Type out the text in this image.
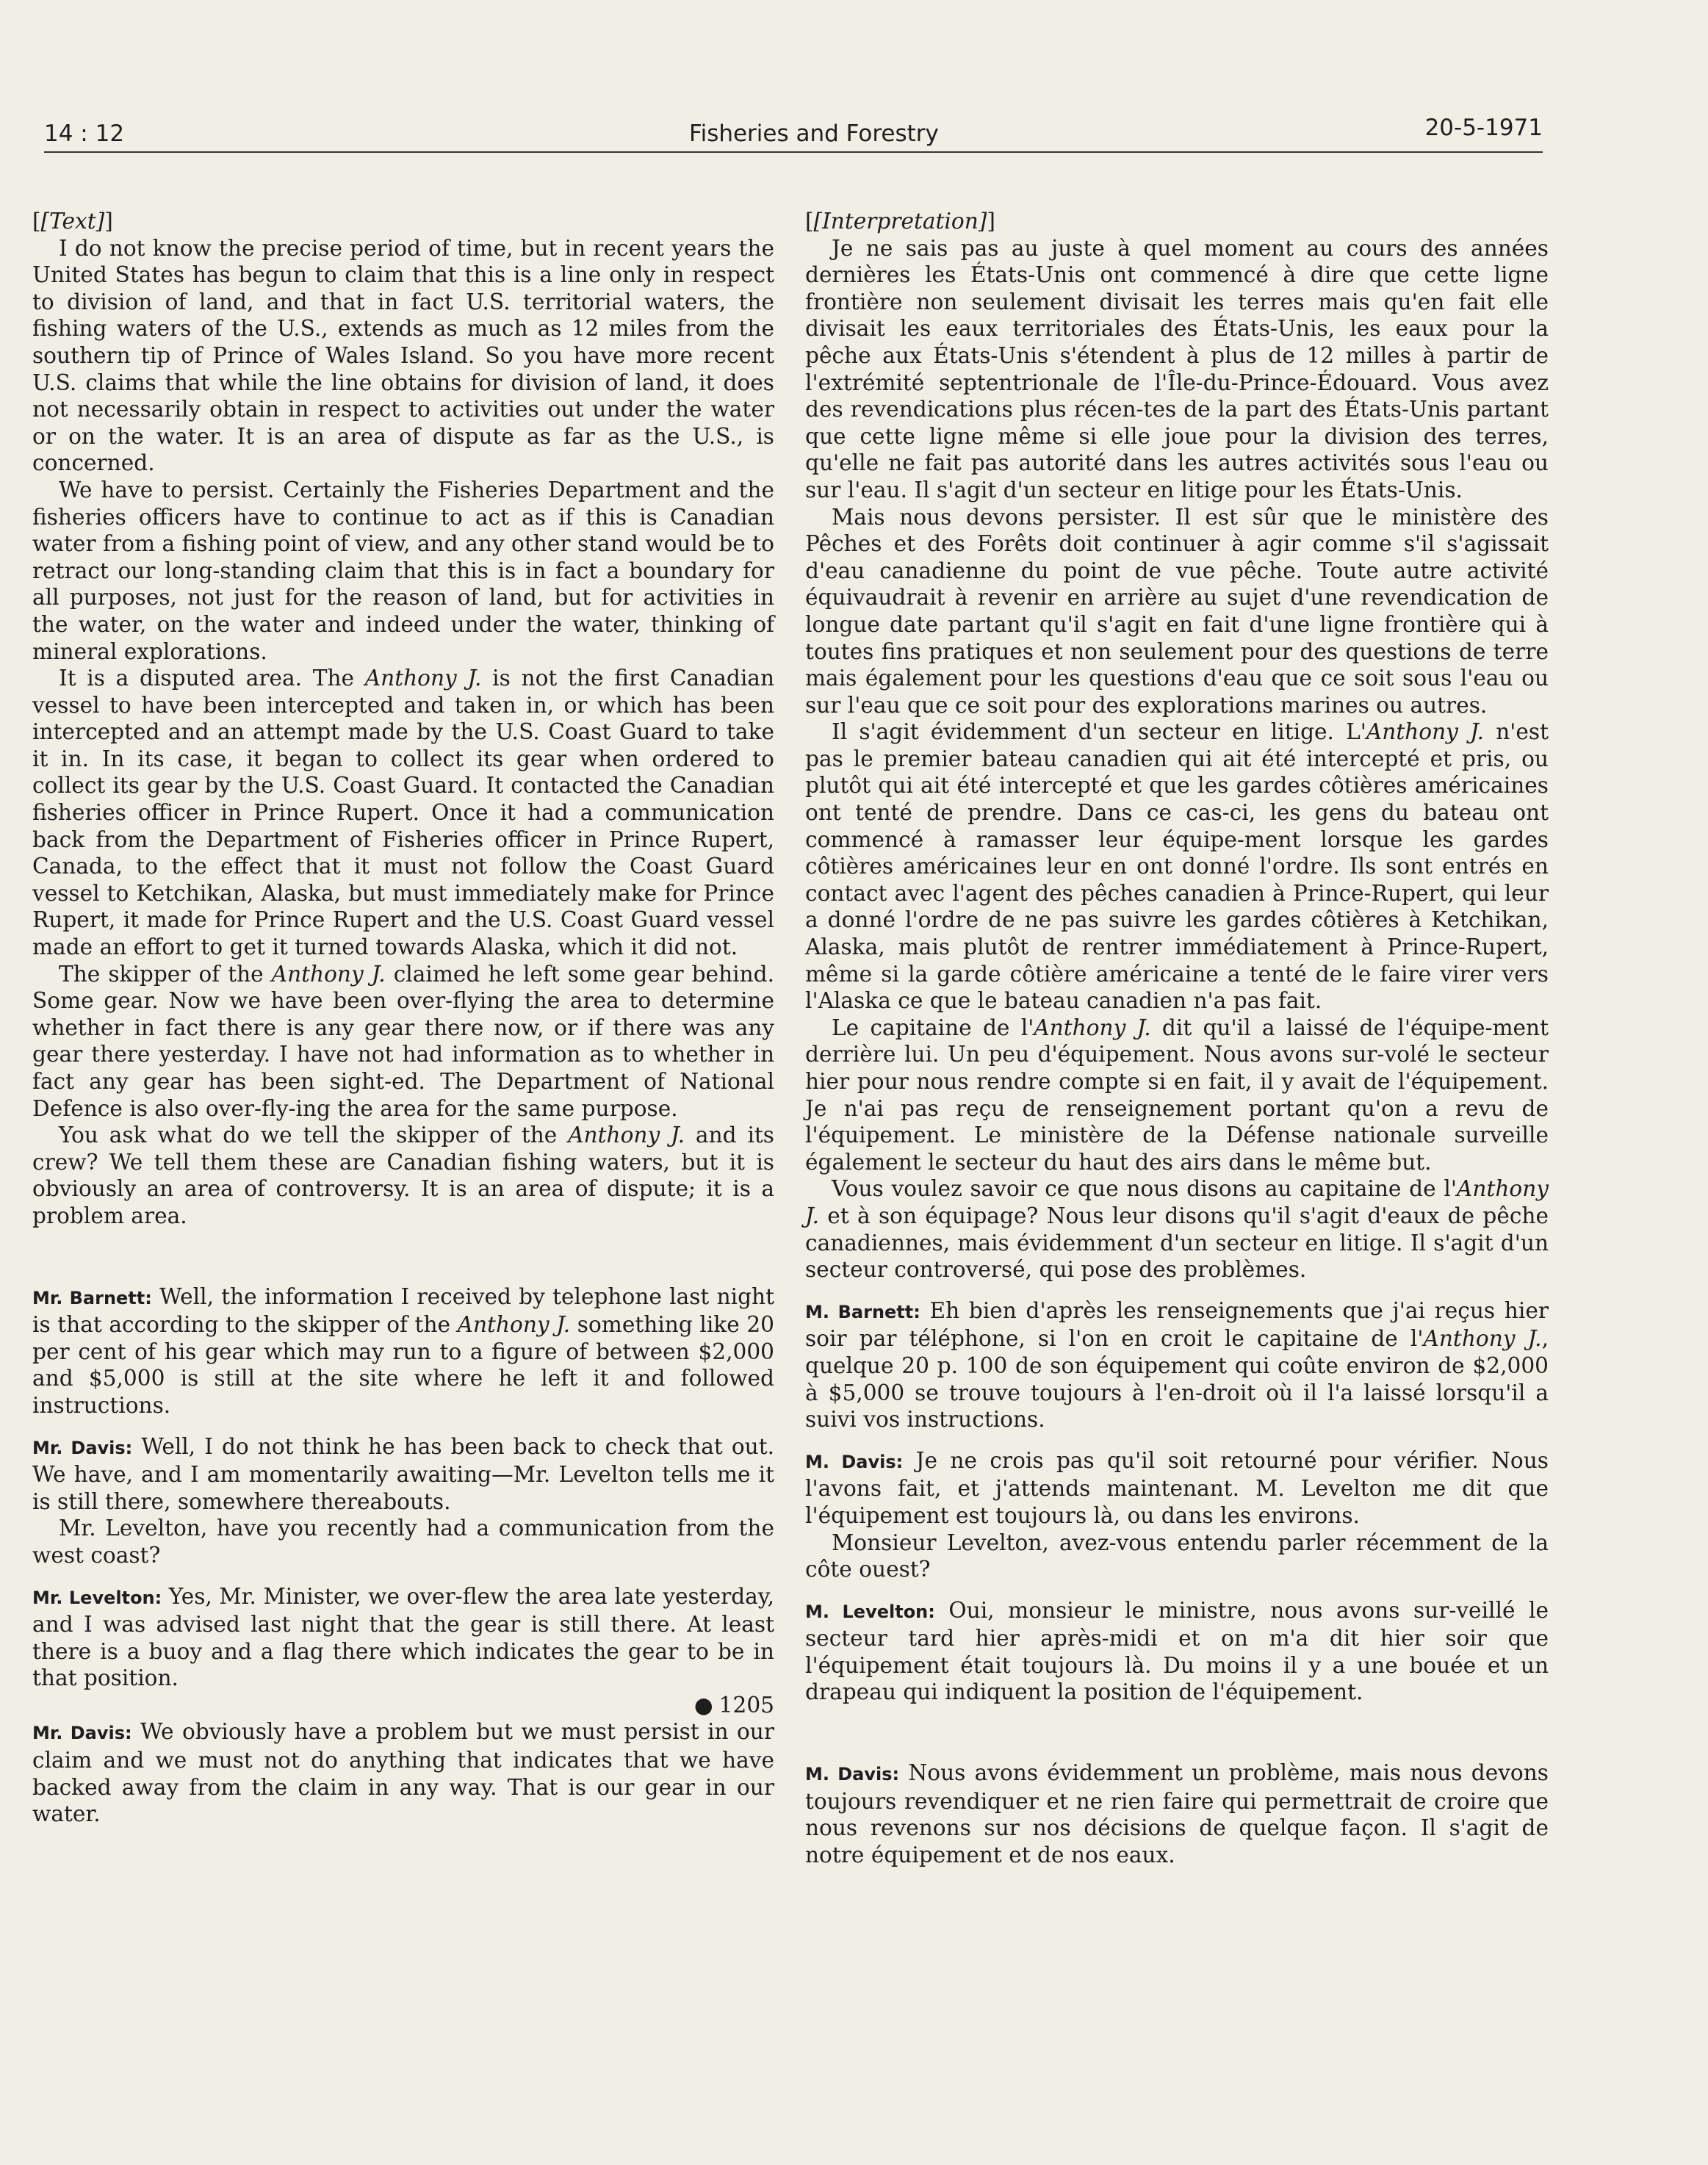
14 : 12	Fisheries and Forestry	20-5-1971

[[Text]]

I do not know the precise period of time, but in recent years the United States has begun to claim that this is a line only in respect to division of land, and that in fact U.S. territorial waters, the fishing waters of the U.S., extends as much as 12 miles from the southern tip of Prince of Wales Island. So you have more recent U.S. claims that while the line obtains for division of land, it does not necessarily obtain in respect to activities out under the water or on the water. It is an area of dispute as far as the U.S., is concerned.

We have to persist. Certainly the Fisheries Department and the fisheries officers have to continue to act as if this is Canadian water from a fishing point of view, and any other stand would be to retract our long-standing claim that this is in fact a boundary for all purposes, not just for the reason of land, but for activities in the water, on the water and indeed under the water, thinking of mineral explorations.

It is a disputed area. The Anthony J. is not the first Canadian vessel to have been intercepted and taken in, or which has been intercepted and an attempt made by the U.S. Coast Guard to take it in. In its case, it began to collect its gear when ordered to collect its gear by the U.S. Coast Guard. It contacted the Canadian fisheries officer in Prince Rupert. Once it had a communication back from the Department of Fisheries officer in Prince Rupert, Canada, to the effect that it must not follow the Coast Guard vessel to Ketchikan, Alaska, but must immediately make for Prince Rupert, it made for Prince Rupert and the U.S. Coast Guard vessel made an effort to get it turned towards Alaska, which it did not.

The skipper of the Anthony J. claimed he left some gear behind. Some gear. Now we have been over-flying the area to determine whether in fact there is any gear there now, or if there was any gear there yesterday. I have not had information as to whether in fact any gear has been sight-ed. The Department of National Defence is also over-fly-ing the area for the same purpose.

You ask what do we tell the skipper of the Anthony J. and its crew? We tell them these are Canadian fishing waters, but it is obviously an area of controversy. It is an area of dispute; it is a problem area.

Mr. Barnett: Well, the information I received by telephone last night is that according to the skipper of the Anthony J. something like 20 per cent of his gear which may run to a figure of between $2,000 and $5,000 is still at the site where he left it and followed instructions.

Mr. Davis: Well, I do not think he has been back to check that out. We have, and I am momentarily awaiting—Mr. Levelton tells me it is still there, somewhere thereabouts.

Mr. Levelton, have you recently had a communication from the west coast?

Mr. Levelton: Yes, Mr. Minister, we over-flew the area late yesterday, and I was advised last night that the gear is still there. At least there is a buoy and a flag there which indicates the gear to be in that position.

● 1205

Mr. Davis: We obviously have a problem but we must persist in our claim and we must not do anything that indicates that we have backed away from the claim in any way. That is our gear in our water.

[[Interpretation]]

Je ne sais pas au juste à quel moment au cours des années dernières les États-Unis ont commencé à dire que cette ligne frontière non seulement divisait les terres mais qu'en fait elle divisait les eaux territoriales des États-Unis, les eaux pour la pêche aux États-Unis s'étendent à plus de 12 milles à partir de l'extrémité septentrionale de l'Île-du-Prince-Édouard. Vous avez des revendications plus récen-tes de la part des États-Unis partant que cette ligne même si elle joue pour la division des terres, qu'elle ne fait pas autorité dans les autres activités sous l'eau ou sur l'eau. Il s'agit d'un secteur en litige pour les États-Unis.

Mais nous devons persister. Il est sûr que le ministère des Pêches et des Forêts doit continuer à agir comme s'il s'agissait d'eau canadienne du point de vue pêche. Toute autre activité équivaudrait à revenir en arrière au sujet d'une revendication de longue date partant qu'il s'agit en fait d'une ligne frontière qui à toutes fins pratiques et non seulement pour des questions de terre mais également pour les questions d'eau que ce soit sous l'eau ou sur l'eau que ce soit pour des explorations marines ou autres.

Il s'agit évidemment d'un secteur en litige. L'Anthony J. n'est pas le premier bateau canadien qui ait été intercepté et pris, ou plutôt qui ait été intercepté et que les gardes côtières américaines ont tenté de prendre. Dans ce cas-ci, les gens du bateau ont commencé à ramasser leur équipe-ment lorsque les gardes côtières américaines leur en ont donné l'ordre. Ils sont entrés en contact avec l'agent des pêches canadien à Prince-Rupert, qui leur a donné l'ordre de ne pas suivre les gardes côtières à Ketchikan, Alaska, mais plutôt de rentrer immédiatement à Prince-Rupert, même si la garde côtière américaine a tenté de le faire virer vers l'Alaska ce que le bateau canadien n'a pas fait.

Le capitaine de l'Anthony J. dit qu'il a laissé de l'équipe-ment derrière lui. Un peu d'équipement. Nous avons sur-volé le secteur hier pour nous rendre compte si en fait, il y avait de l'équipement. Je n'ai pas reçu de renseignement portant qu'on a revu de l'équipement. Le ministère de la Défense nationale surveille également le secteur du haut des airs dans le même but.

Vous voulez savoir ce que nous disons au capitaine de l'Anthony J. et à son équipage? Nous leur disons qu'il s'agit d'eaux de pêche canadiennes, mais évidemment d'un secteur en litige. Il s'agit d'un secteur controversé, qui pose des problèmes.

M. Barnett: Eh bien d'après les renseignements que j'ai reçus hier soir par téléphone, si l'on en croit le capitaine de l'Anthony J., quelque 20 p. 100 de son équipement qui coûte environ de $2,000 à $5,000 se trouve toujours à l'en-droit où il l'a laissé lorsqu'il a suivi vos instructions.

M. Davis: Je ne crois pas qu'il soit retourné pour vérifier. Nous l'avons fait, et j'attends maintenant. M. Levelton me dit que l'équipement est toujours là, ou dans les environs.

Monsieur Levelton, avez-vous entendu parler récemment de la côte ouest?

M. Levelton: Oui, monsieur le ministre, nous avons sur-veillé le secteur tard hier après-midi et on m'a dit hier soir que l'équipement était toujours là. Du moins il y a une bouée et un drapeau qui indiquent la position de l'équipement.

M. Davis: Nous avons évidemment un problème, mais nous devons toujours revendiquer et ne rien faire qui permettrait de croire que nous revenons sur nos décisions de quelque façon. Il s'agit de notre équipement et de nos eaux.
